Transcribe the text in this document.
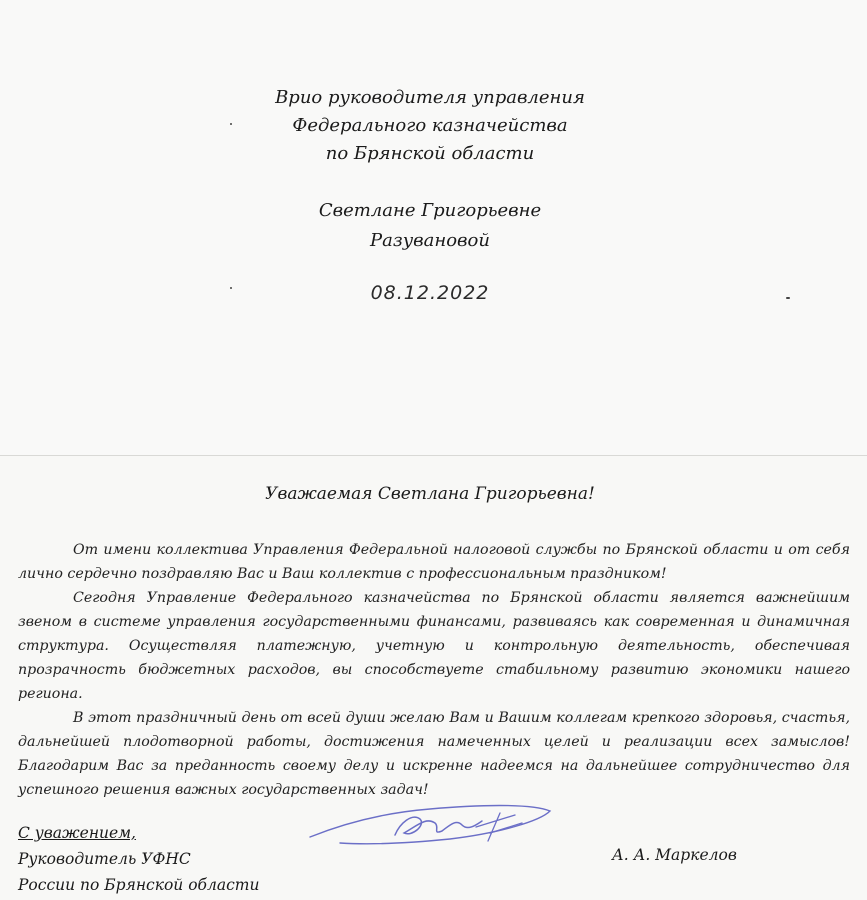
Врио руководителя управления
Федерального казначейства
по Брянской области
Светлане Григорьевне
Разувановой
08.12.2022
Уважаемая Светлана Григорьевна!

От имени коллектива Управления Федеральной налоговой службы по Брянской области и от себя лично сердечно поздравляю Вас и Ваш коллектив с профессиональным праздником!

Сегодня Управление Федерального казначейства по Брянской области является важнейшим звеном в системе управления государственными финансами, развиваясь как современная и динамичная структура. Осуществляя платежную, учетную и контрольную деятельность, обеспечивая прозрачность бюджетных расходов, вы способствуете стабильному развитию экономики нашего региона.

В этот праздничный день от всей души желаю Вам и Вашим коллегам крепкого здоровья, счастья, дальнейшей плодотворной работы, достижения намеченных целей и реализации всех замыслов! Благодарим Вас за преданность своему делу и искренне надеемся на дальнейшее сотрудничество для успешного решения важных государственных задач!

С уважением,
Руководитель УФНС
России по Брянской области
А. А. Маркелов
